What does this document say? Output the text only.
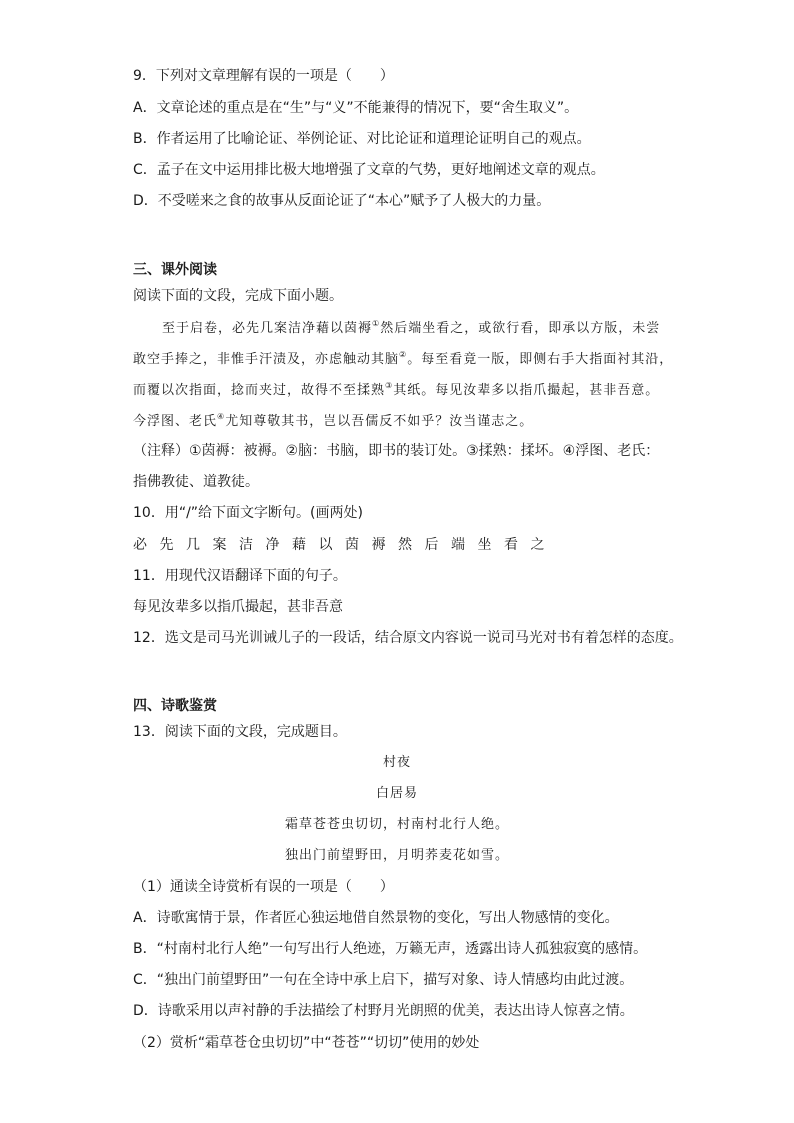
9．下列对文章理解有误的一项是（　　）
A．文章论述的重点是在“生”与“义”不能兼得的情况下，要“舍生取义”。
B．作者运用了比喻论证、举例论证、对比论证和道理论证明自己的观点。
C．孟子在文中运用排比极大地增强了文章的气势，更好地阐述文章的观点。
D．不受嗟来之食的故事从反面论证了“本心”赋予了人极大的力量。
三、课外阅读
阅读下面的文段，完成下面小题。
至于启卷，必先几案洁净藉以茵褥①然后端坐看之，或欲行看，即承以方版，未尝
敢空手捧之，非惟手汗渍及，亦虑触动其脑②。每至看竟一版，即侧右手大指面衬其沿，
而覆以次指面，捻而夹过，故得不至揉熟③其纸。每见汝辈多以指爪撮起，甚非吾意。
今浮图、老氏④尤知尊敬其书，岂以吾儒反不如乎？汝当谨志之。
（注释）①茵褥：被褥。②脑：书脑，即书的装订处。③揉熟：揉坏。④浮图、老氏：
指佛教徒、道教徒。
10．用“/”给下面文字断句。(画两处)
必先几案洁净藉以茵褥然后端坐看之
11．用现代汉语翻译下面的句子。
每见汝辈多以指爪撮起，甚非吾意
12．选文是司马光训诫儿子的一段话，结合原文内容说一说司马光对书有着怎样的态度。
四、诗歌鉴赏
13．阅读下面的文段，完成题目。
村夜
白居易
霜草苍苍虫切切，村南村北行人绝。
独出门前望野田，月明荞麦花如雪。
（1）通读全诗赏析有误的一项是（　　）
A．诗歌寓情于景，作者匠心独运地借自然景物的变化，写出人物感情的变化。
B．“村南村北行人绝”一句写出行人绝迹，万籁无声，透露出诗人孤独寂寞的感情。
C．“独出门前望野田”一句在全诗中承上启下，描写对象、诗人情感均由此过渡。
D．诗歌采用以声衬静的手法描绘了村野月光朗照的优美，表达出诗人惊喜之情。
（2）赏析“霜草苍仓虫切切”中“苍苍”“切切”使用的妙处
